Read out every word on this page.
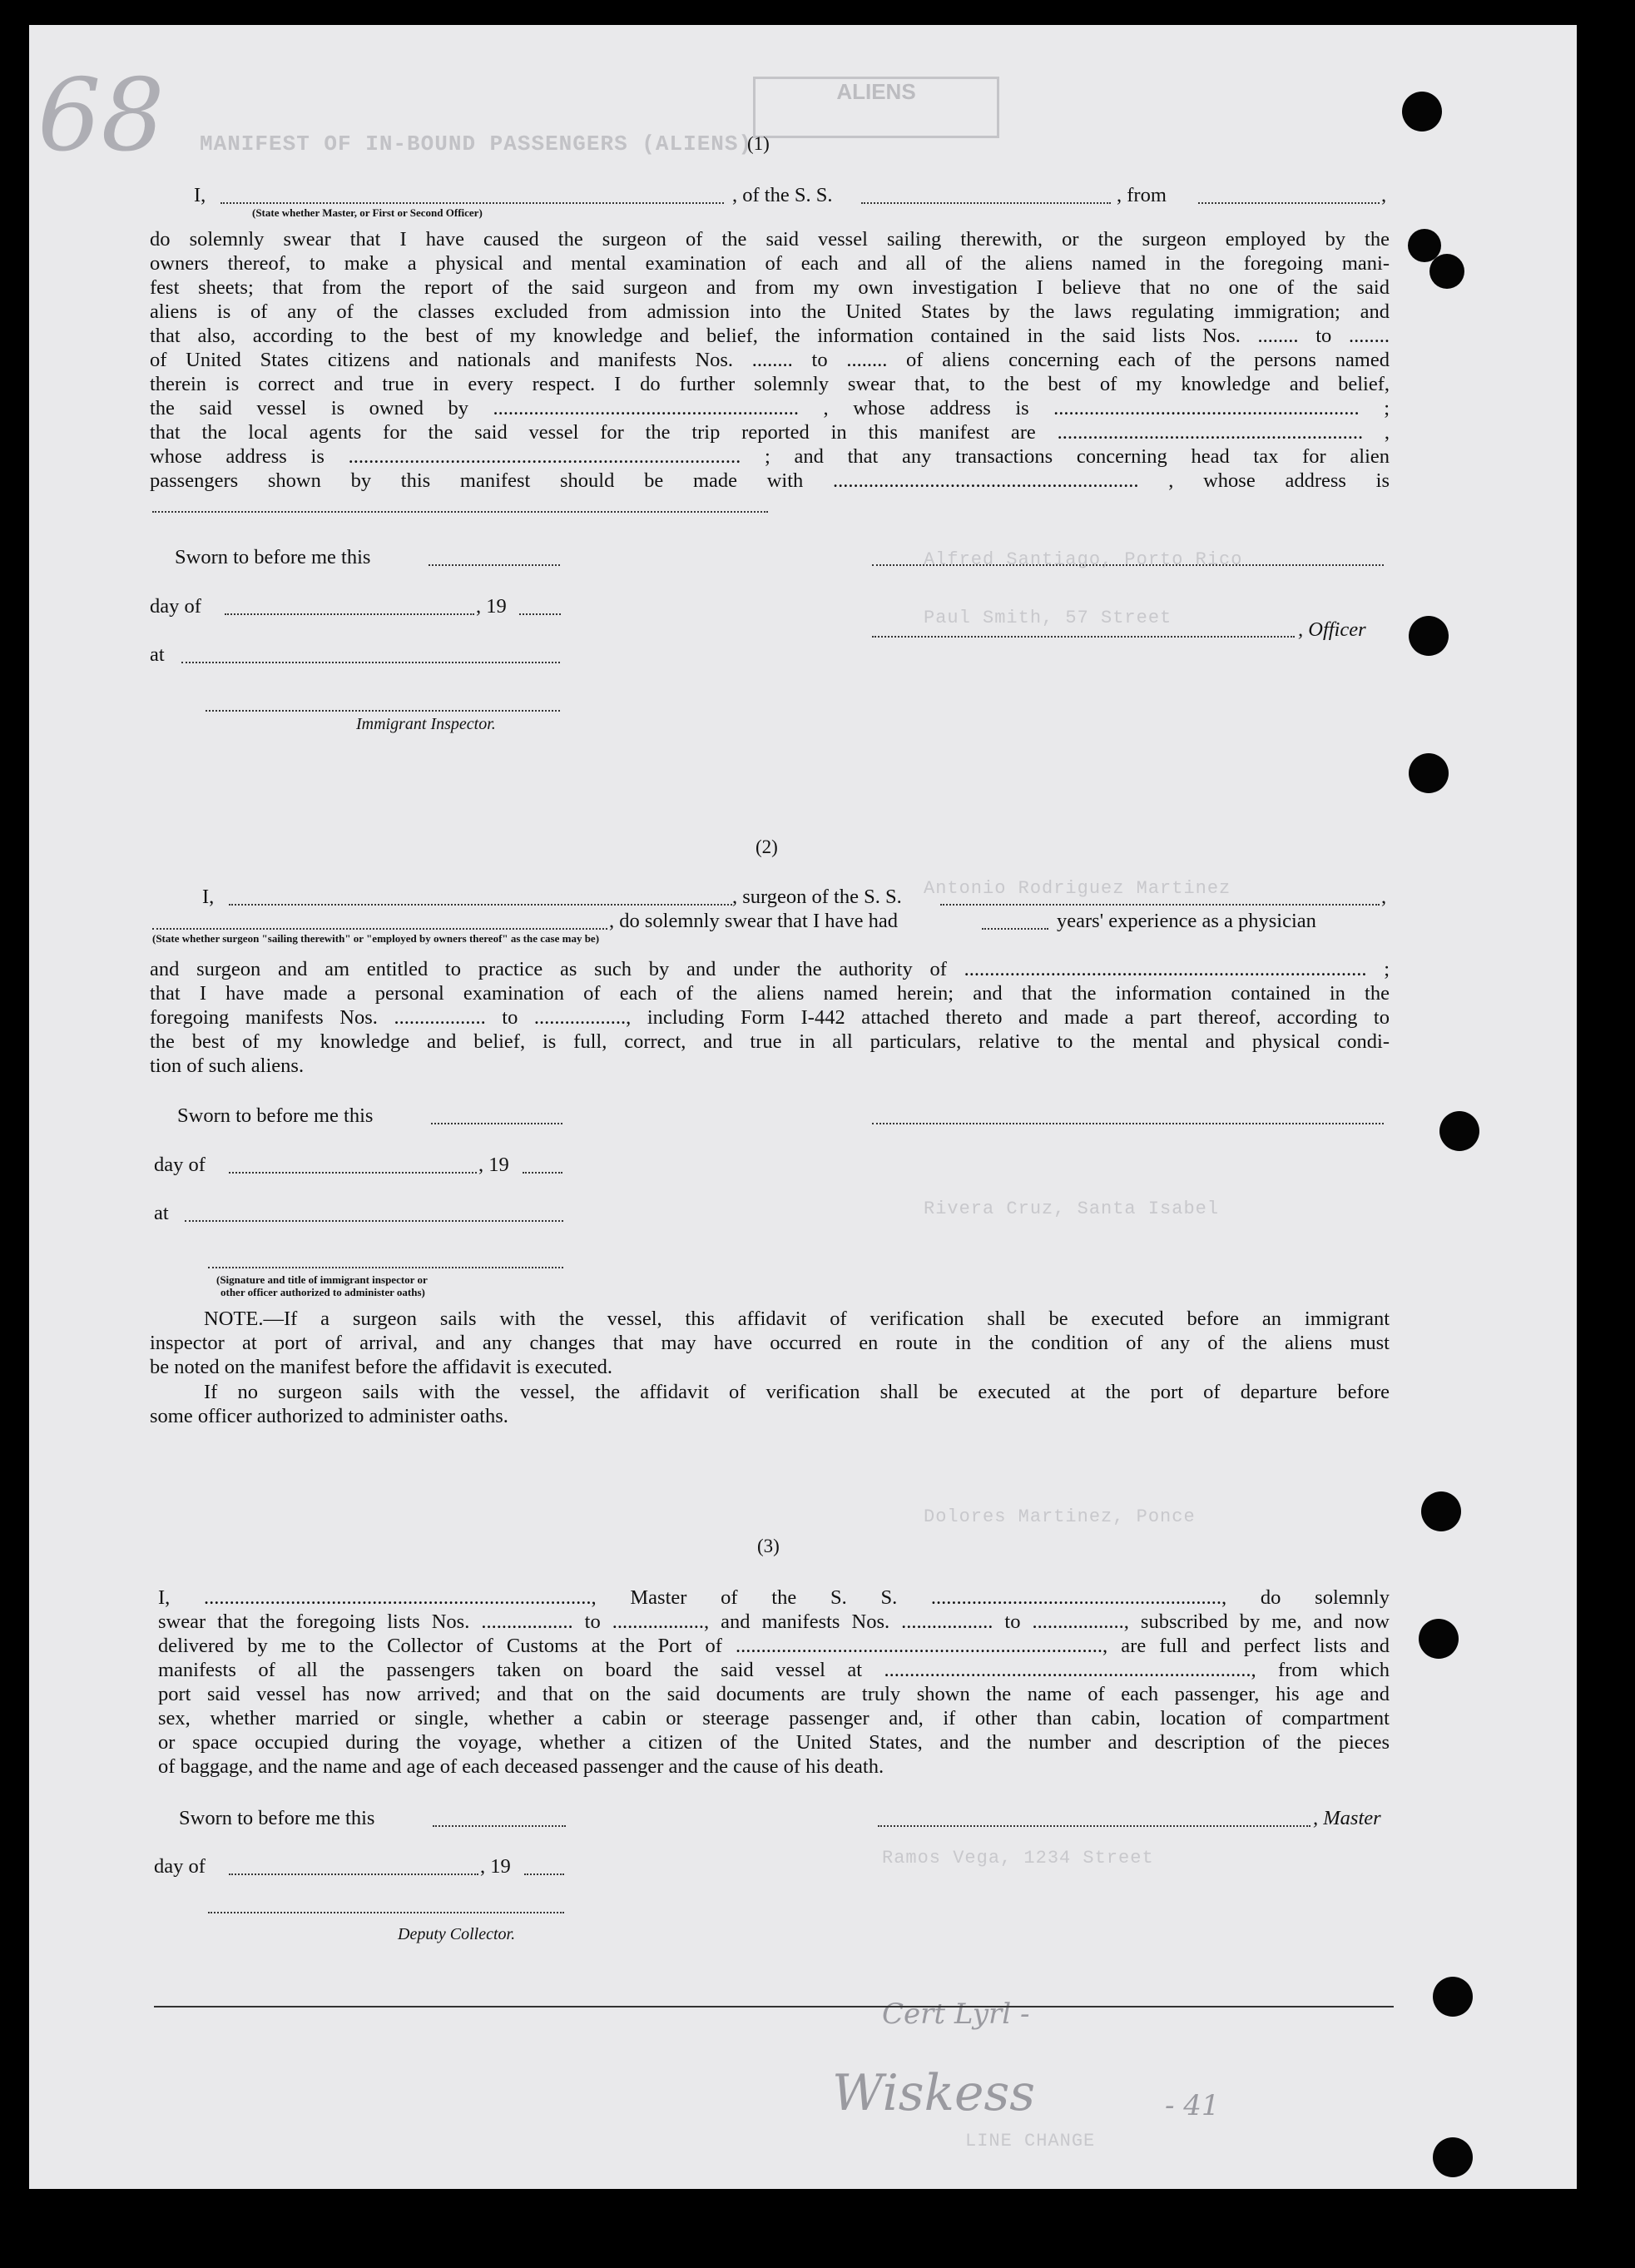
ALIENS
MANIFEST OF IN-BOUND PASSENGERS (ALIENS)
68
Alfred Santiago, Porto Rico
Paul Smith, 57 Street
Antonio Rodriguez Martinez
Rivera Cruz, Santa Isabel
Dolores Martinez, Ponce
Ramos Vega, 1234 Street
LINE CHANGE
Cert Lyrl -
Wiskess	- 41
(1)
I,	, of the S. S.	, from	,
(State whether Master, or First or Second Officer)
do solemnly swear that I have caused the surgeon of the said vessel sailing therewith, or the surgeon employed by the
owners thereof, to make a physical and mental examination of each and all of the aliens named in the foregoing mani-
fest sheets; that from the report of the said surgeon and from my own investigation I believe that no one of the said
aliens is of any of the classes excluded from admission into the United States by the laws regulating immigration; and
that also, according to the best of my knowledge and belief, the information contained in the said lists Nos. ........ to ........
of United States citizens and nationals and manifests Nos. ........ to ........ of aliens concerning each of the persons named
therein is correct and true in every respect. I do further solemnly swear that, to the best of my knowledge and belief,
the said vessel is owned by ............................................................ , whose address is ............................................................ ;
that the local agents for the said vessel for the trip reported in this manifest are ............................................................ ,
whose address is ............................................................................. ; and that any transactions concerning head tax for alien
passengers shown by this manifest should be made with ............................................................ , whose address is
Sworn to before me this
day of	, 19
, Officer
at
Immigrant Inspector.
(2)
I,	, surgeon of the S. S.	,
, do solemnly swear that I have had	years' experience as a physician
(State whether surgeon "sailing therewith" or "employed by owners thereof" as the case may be)
and surgeon and am entitled to practice as such by and under the authority of ............................................................................... ;
that I have made a personal examination of each of the aliens named herein; and that the information contained in the
foregoing manifests Nos. .................. to .................., including Form I-442 attached thereto and made a part thereof, according to
the best of my knowledge and belief, is full, correct, and true in all particulars, relative to the mental and physical condi-
tion of such aliens.
Sworn to before me this
day of	, 19
at
(Signature and title of immigrant inspector or
other officer authorized to administer oaths)
NOTE.—If a surgeon sails with the vessel, this affidavit of verification shall be executed before an immigrant
inspector at port of arrival, and any changes that may have occurred en route in the condition of any of the aliens must
be noted on the manifest before the affidavit is executed.
If no surgeon sails with the vessel, the affidavit of verification shall be executed at the port of departure before
some officer authorized to administer oaths.
(3)
I, ............................................................................, Master of the S. S. ........................................................., do solemnly
swear that the foregoing lists Nos. .................. to .................., and manifests Nos. .................. to .................., subscribed by me, and now
delivered by me to the Collector of Customs at the Port of ........................................................................, are full and perfect lists and
manifests of all the passengers taken on board the said vessel at ........................................................................, from which
port said vessel has now arrived; and that on the said documents are truly shown the name of each passenger, his age and
sex, whether married or single, whether a cabin or steerage passenger and, if other than cabin, location of compartment
or space occupied during the voyage, whether a citizen of the United States, and the number and description of the pieces
of baggage, and the name and age of each deceased passenger and the cause of his death.
Sworn to before me this	, Master
day of	, 19
Deputy Collector.
